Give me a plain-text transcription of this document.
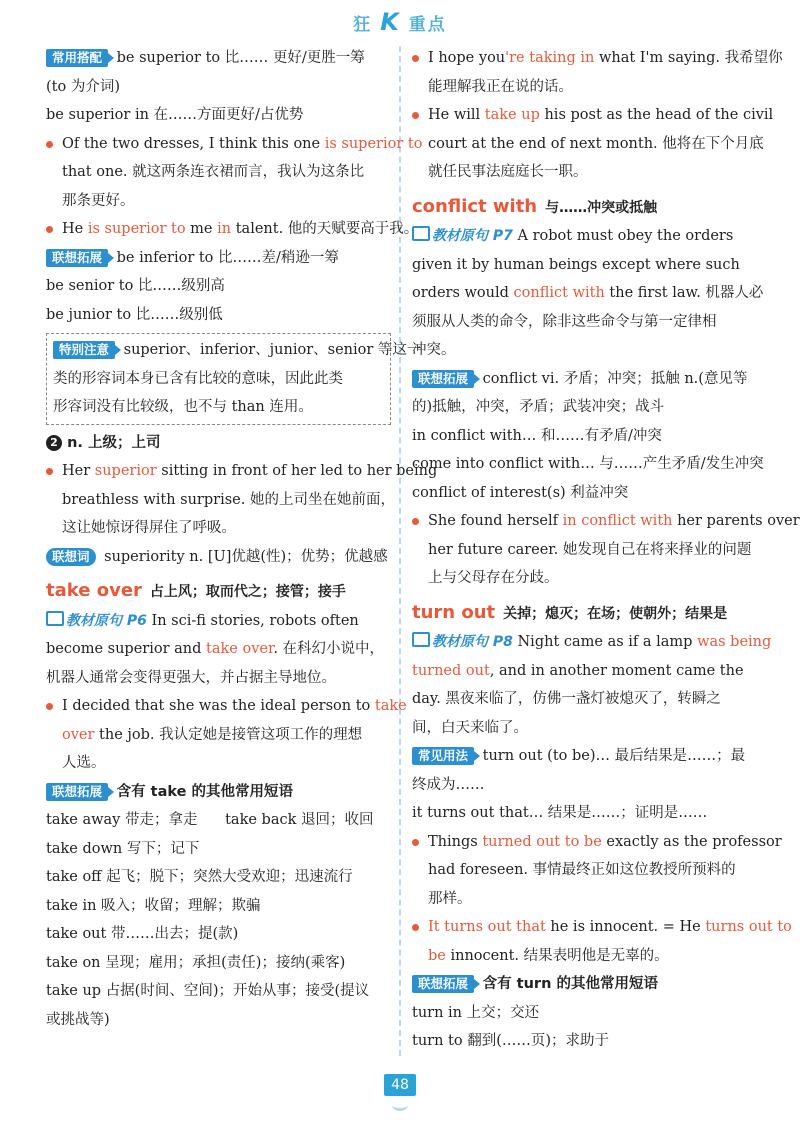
狂 K 重点
常用搭配 be superior to 比…… 更好/更胜一筹
(to 为介词)
be superior in 在……方面更好/占优势
Of the two dresses, I think this one is superior to
that one. 就这两条连衣裙而言，我认为这条比
那条更好。
He is superior to me in talent. 他的天赋要高于我。
联想拓展 be inferior to 比……差/稍逊一筹
be senior to 比……级别高
be junior to 比……级别低
特别注意 superior、inferior、junior、senior 等这一
类的形容词本身已含有比较的意味，因此此类
形容词没有比较级，也不与 than 连用。
2 n. 上级；上司
Her superior sitting in front of her led to her being
breathless with surprise. 她的上司坐在她前面，
这让她惊讶得屏住了呼吸。
联想词 superiority n. [U]优越(性)；优势；优越感
take over 占上风；取而代之；接管；接手
教材原句 P6 In sci-fi stories, robots often
become superior and take over. 在科幻小说中，
机器人通常会变得更强大，并占据主导地位。
I decided that she was the ideal person to take
over the job. 我认定她是接管这项工作的理想
人选。
联想拓展 含有 take 的其他常用短语
take away 带走；拿走 take back 退回；收回
take down 写下；记下
take off 起飞；脱下；突然大受欢迎；迅速流行
take in 吸入；收留；理解；欺骗
take out 带……出去；提(款)
take on 呈现；雇用；承担(责任)；接纳(乘客)
take up 占据(时间、空间)；开始从事；接受(提议
或挑战等)
I hope you're taking in what I'm saying. 我希望你
能理解我正在说的话。
He will take up his post as the head of the civil
court at the end of next month. 他将在下个月底
就任民事法庭庭长一职。
conflict with 与……冲突或抵触
教材原句 P7 A robot must obey the orders
given it by human beings except where such
orders would conflict with the first law. 机器人必
须服从人类的命令，除非这些命令与第一定律相
冲突。
联想拓展 conflict vi. 矛盾；冲突；抵触 n.(意见等
的)抵触，冲突，矛盾；武装冲突；战斗
in conflict with… 和……有矛盾/冲突
come into conflict with… 与……产生矛盾/发生冲突
conflict of interest(s) 利益冲突
She found herself in conflict with her parents over
her future career. 她发现自己在将来择业的问题
上与父母存在分歧。
turn out 关掉；熄灭；在场；使朝外；结果是
教材原句 P8 Night came as if a lamp was being
turned out, and in another moment came the
day. 黑夜来临了，仿佛一盏灯被熄灭了，转瞬之
间，白天来临了。
常见用法 turn out (to be)… 最后结果是……；最
终成为……
it turns out that… 结果是……；证明是……
Things turned out to be exactly as the professor
had foreseen. 事情最终正如这位教授所预料的
那样。
It turns out that he is innocent. = He turns out to
be innocent. 结果表明他是无辜的。
联想拓展 含有 turn 的其他常用短语
turn in 上交；交还
turn to 翻到(……页)；求助于
48
